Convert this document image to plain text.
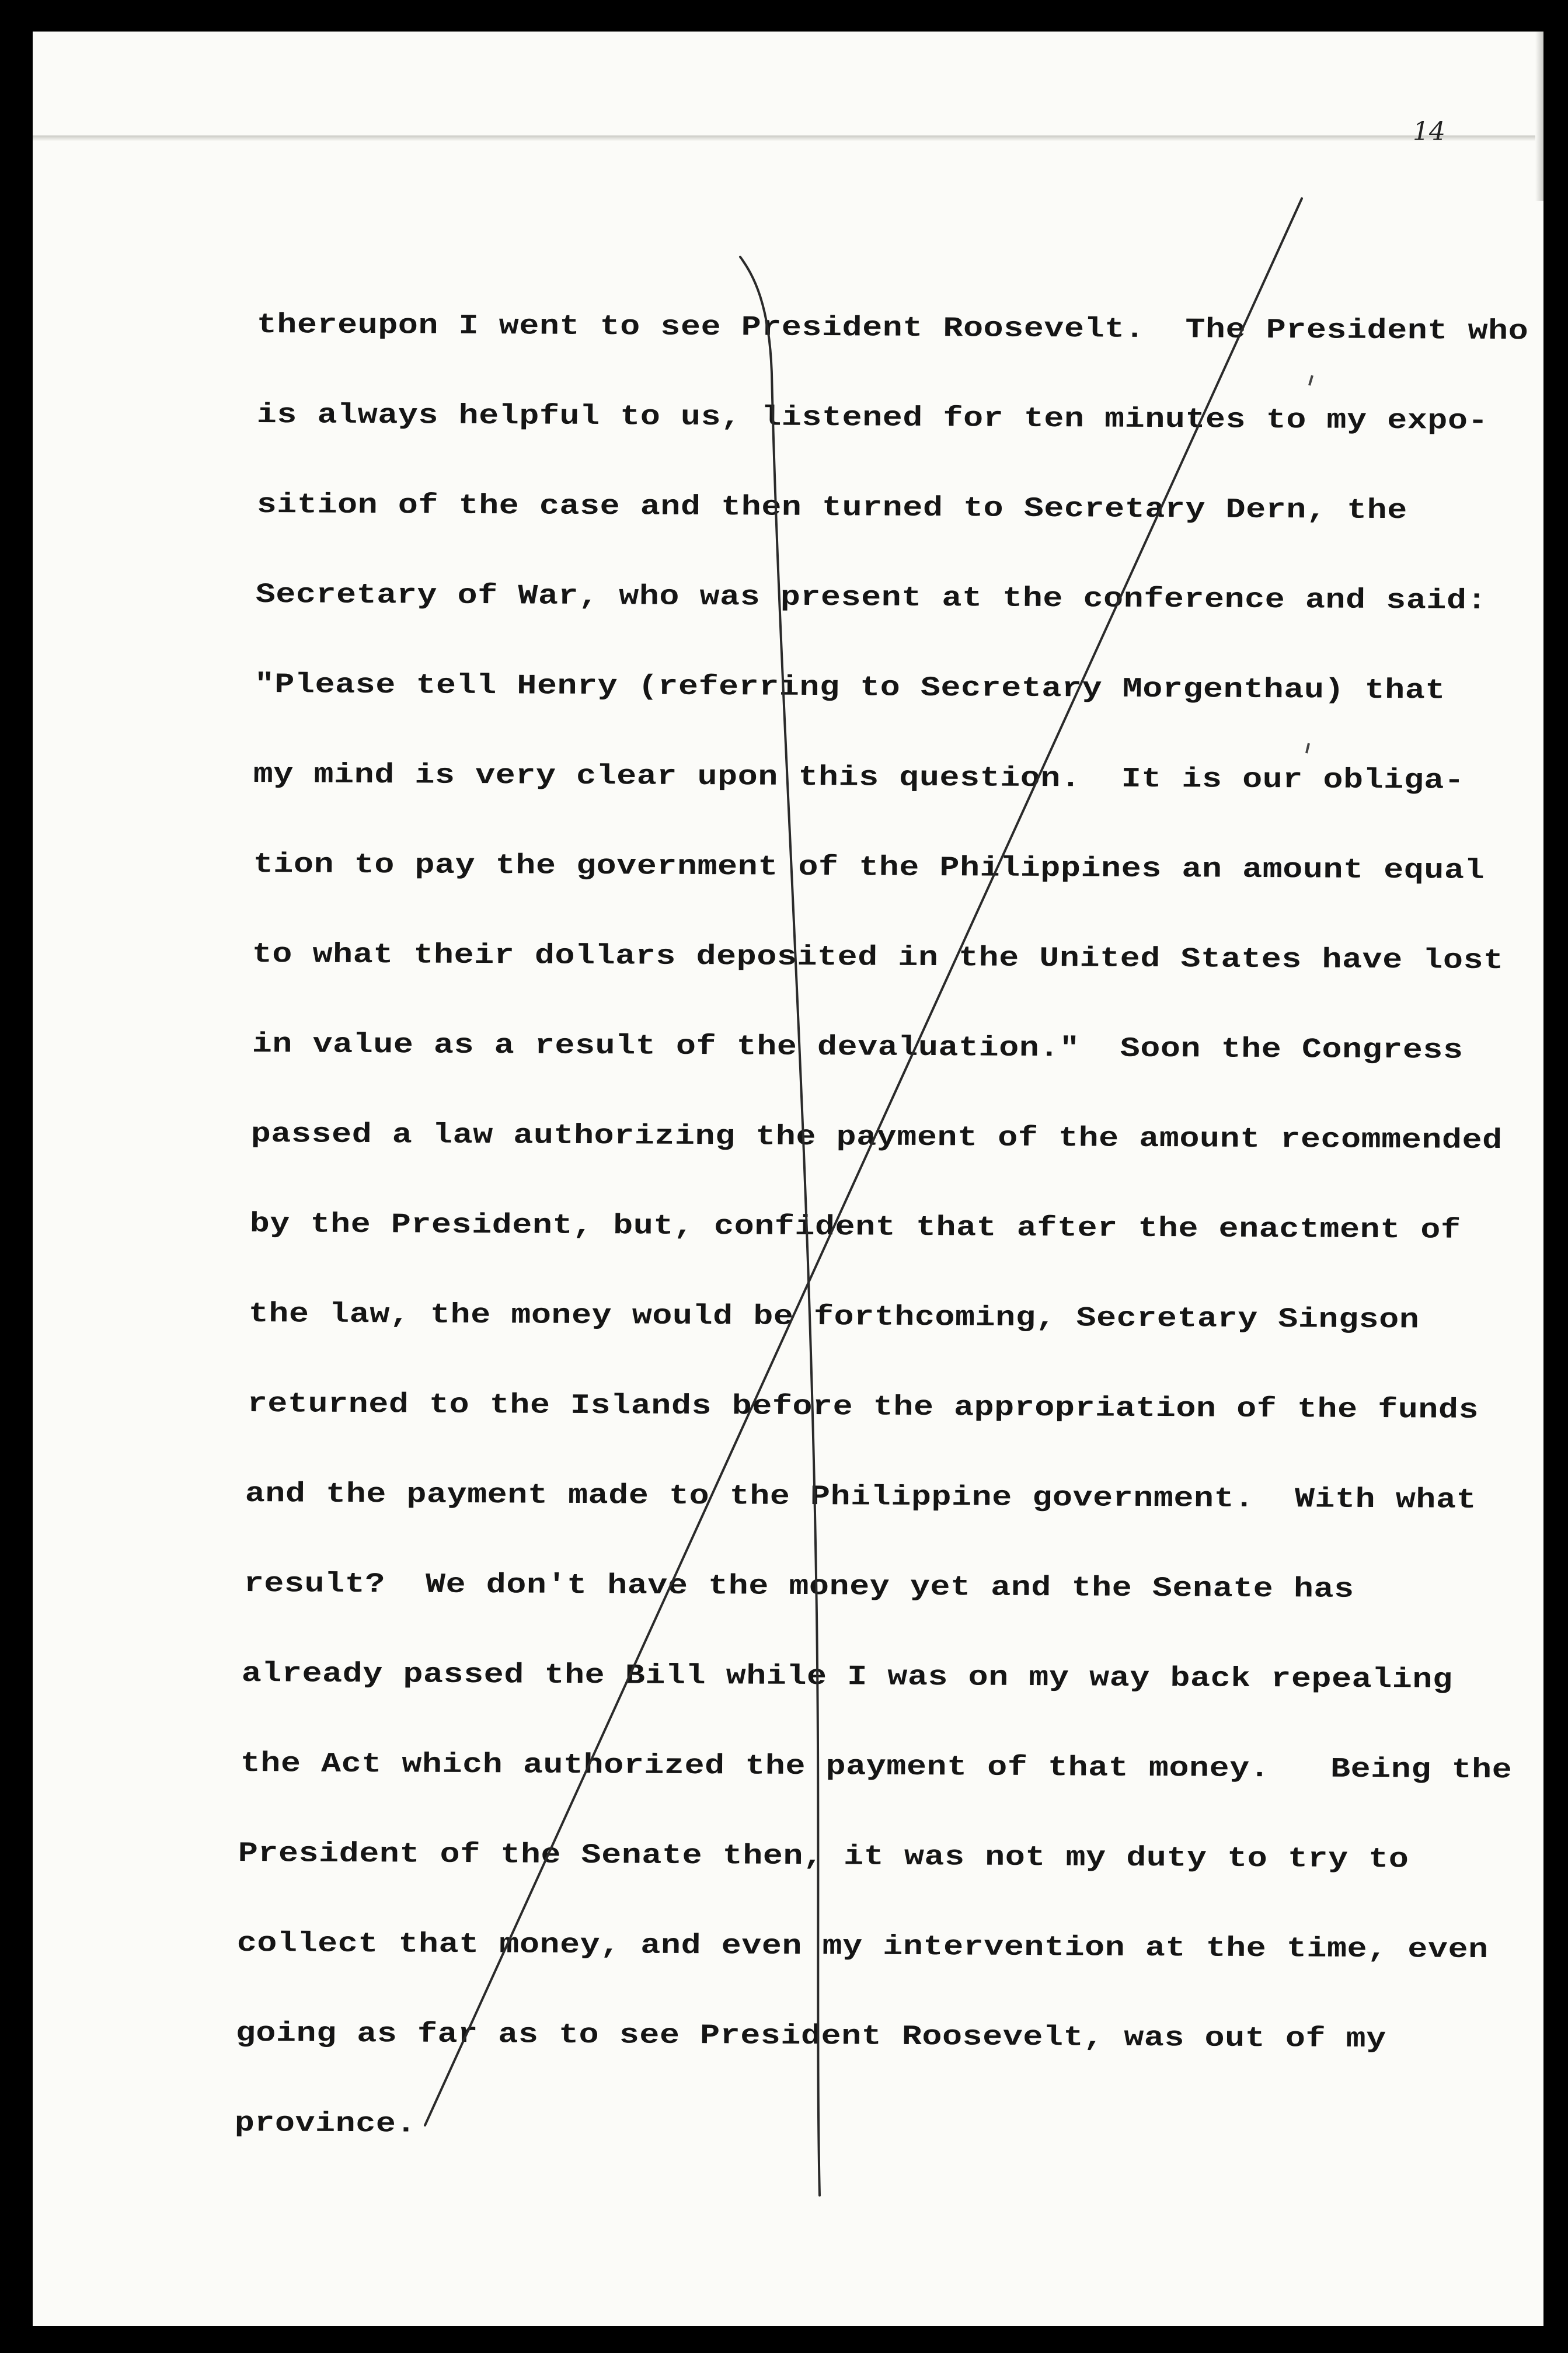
14
thereupon I went to see President Roosevelt.  The President who
is always helpful to us, listened for ten minutes to my expo-
sition of the case and then turned to Secretary Dern, the
Secretary of War, who was present at the conference and said:
"Please tell Henry (referring to Secretary Morgenthau) that
my mind is very clear upon this question.  It is our obliga-
tion to pay the government of the Philippines an amount equal
to what their dollars deposited in the United States have lost
in value as a result of the devaluation."  Soon the Congress
passed a law authorizing the payment of the amount recommended
by the President, but, confident that after the enactment of
the law, the money would be forthcoming, Secretary Singson
returned to the Islands before the appropriation of the funds
and the payment made to the Philippine government.  With what
result?  We don't have the money yet and the Senate has
already passed the Bill while I was on my way back repealing
the Act which authorized the payment of that money.   Being the
President of the Senate then, it was not my duty to try to
collect that money, and even my intervention at the time, even
going as far as to see President Roosevelt, was out of my
province.
